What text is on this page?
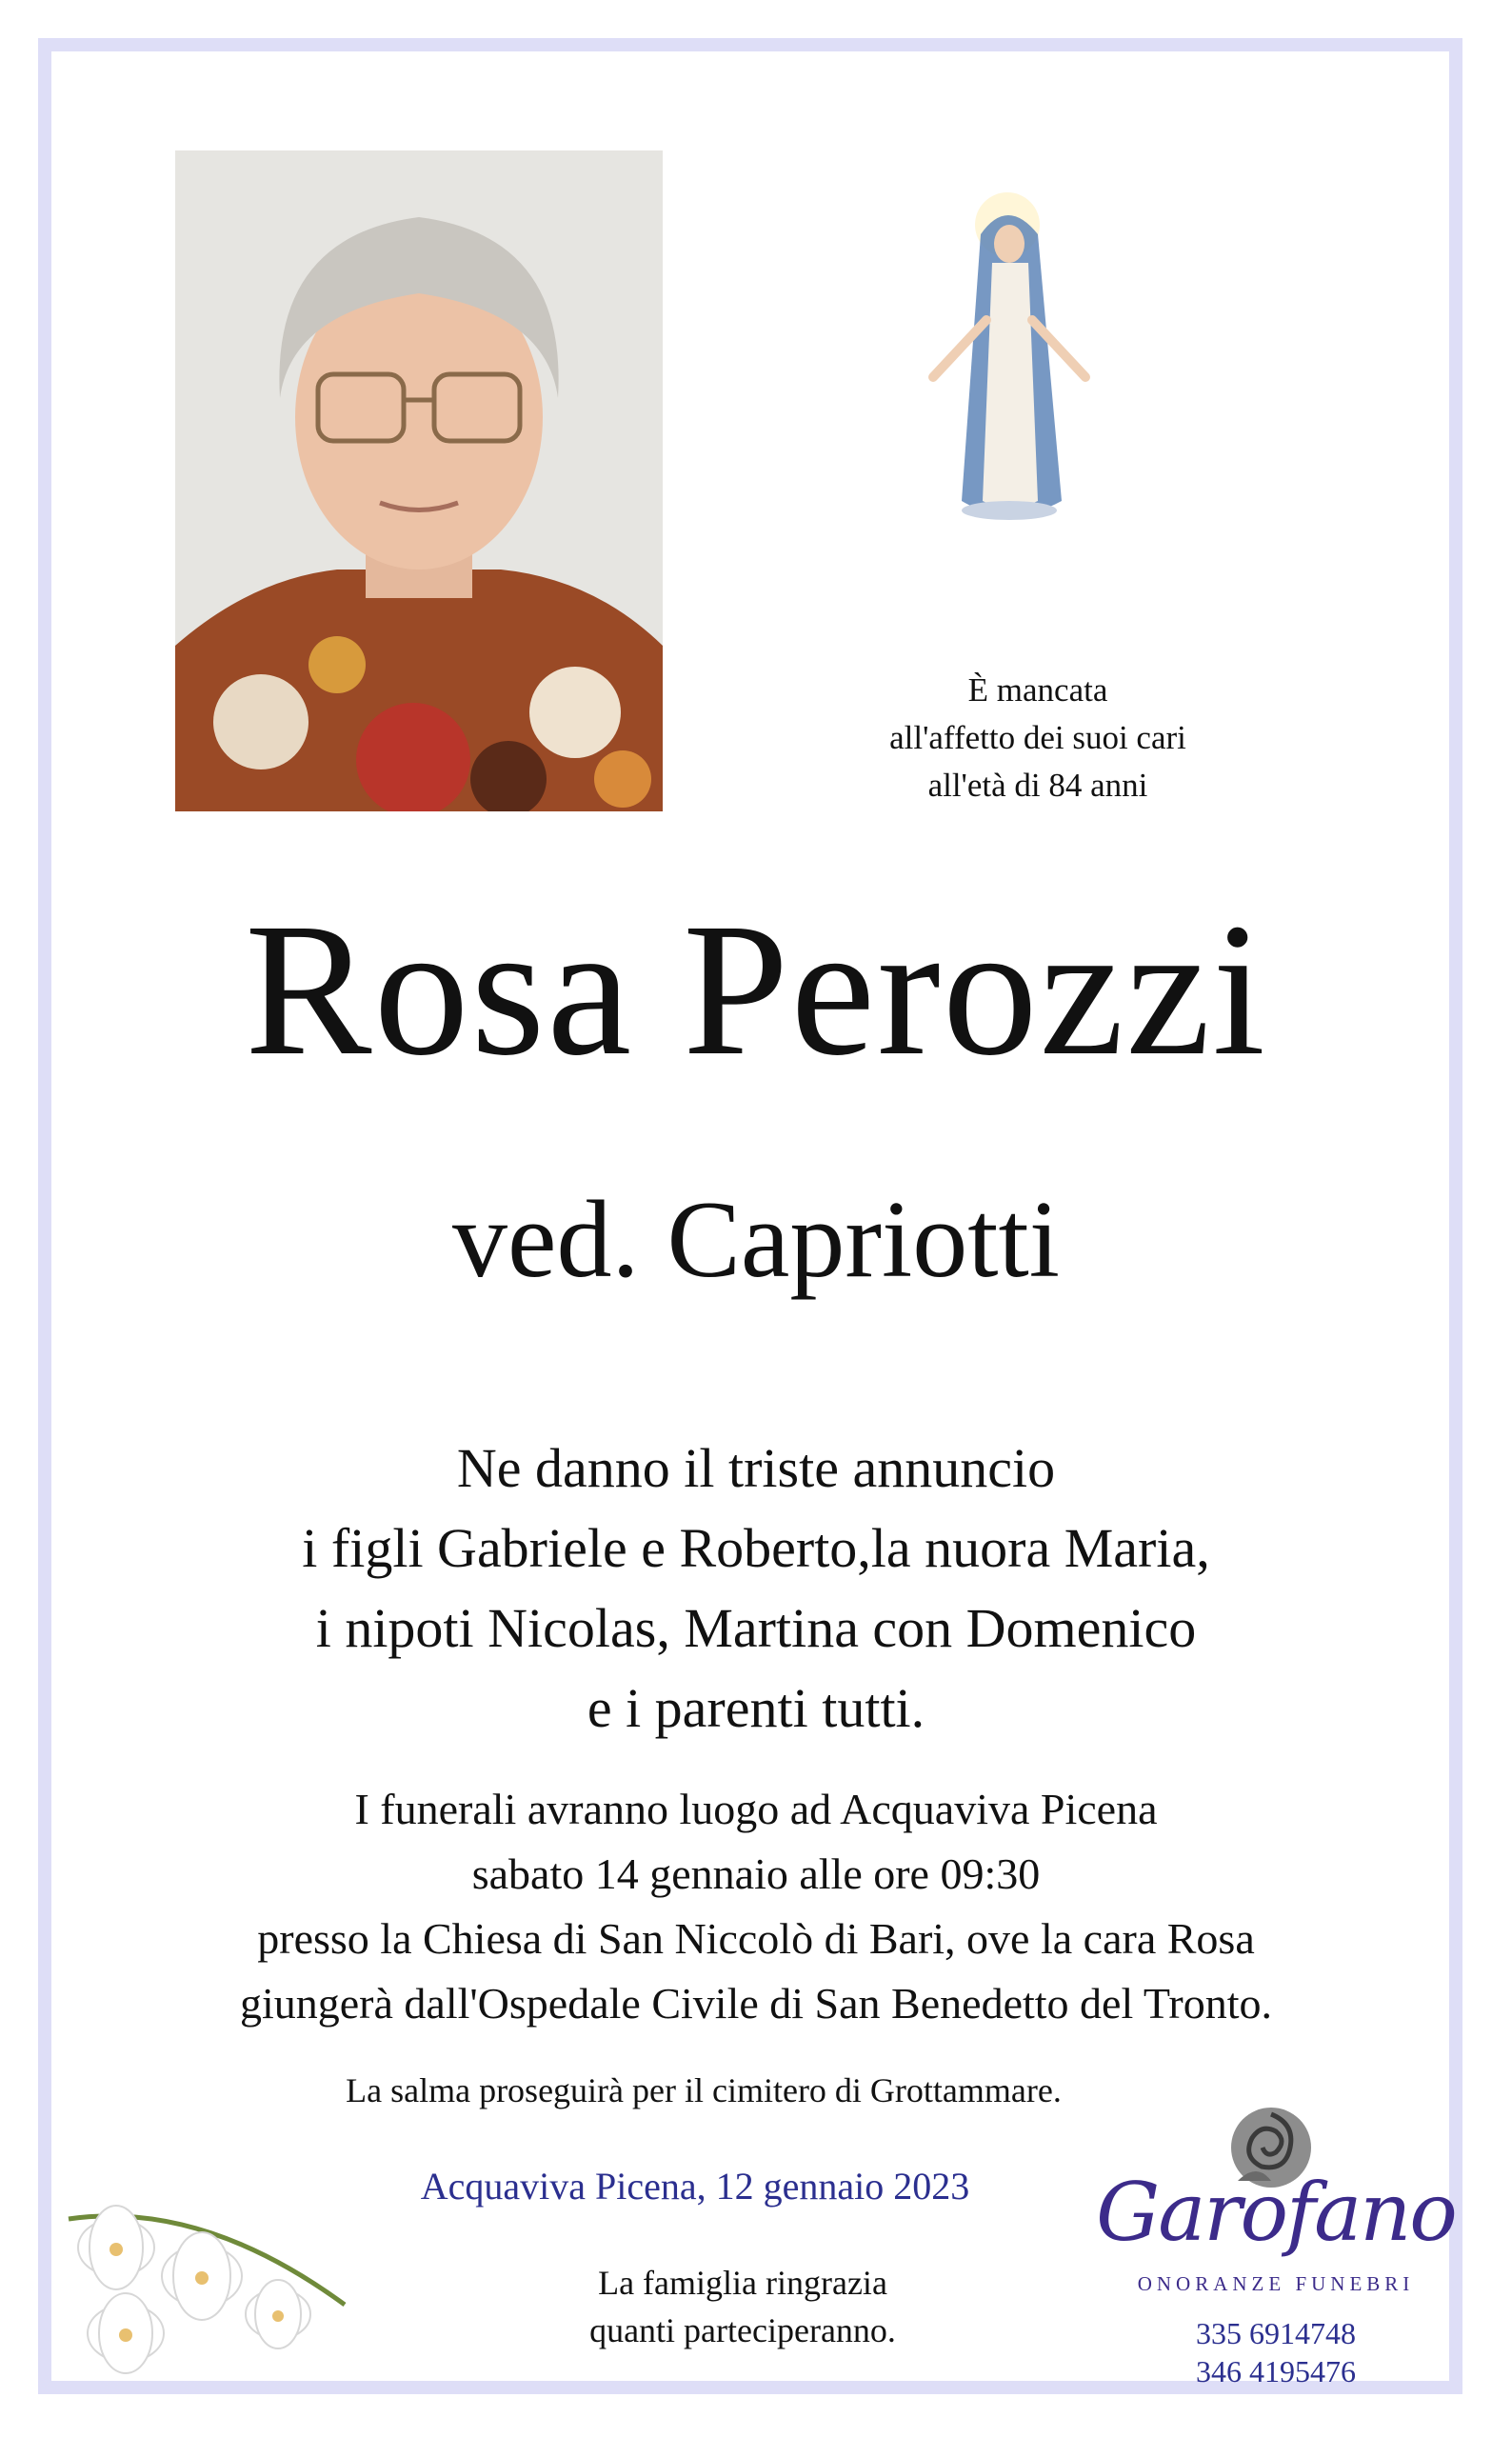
È mancata
all'affetto dei suoi cari
all'età di 84 anni
Rosa Perozzi
ved. Capriotti
Ne danno il triste annuncio
i figli Gabriele e Roberto,la nuora Maria,
i nipoti Nicolas, Martina con Domenico
e i parenti tutti.
I funerali avranno luogo ad Acquaviva Picena
sabato 14 gennaio alle ore 09:30
presso la Chiesa di San Niccolò di Bari, ove la cara Rosa
giungerà dall'Ospedale Civile di San Benedetto del Tronto.
La salma proseguirà per il cimitero di Grottammare.
Acquaviva Picena, 12 gennaio 2023
La famiglia ringrazia
quanti parteciperanno.
Garofano
ONORANZE FUNEBRI
335 6914748
346 4195476
